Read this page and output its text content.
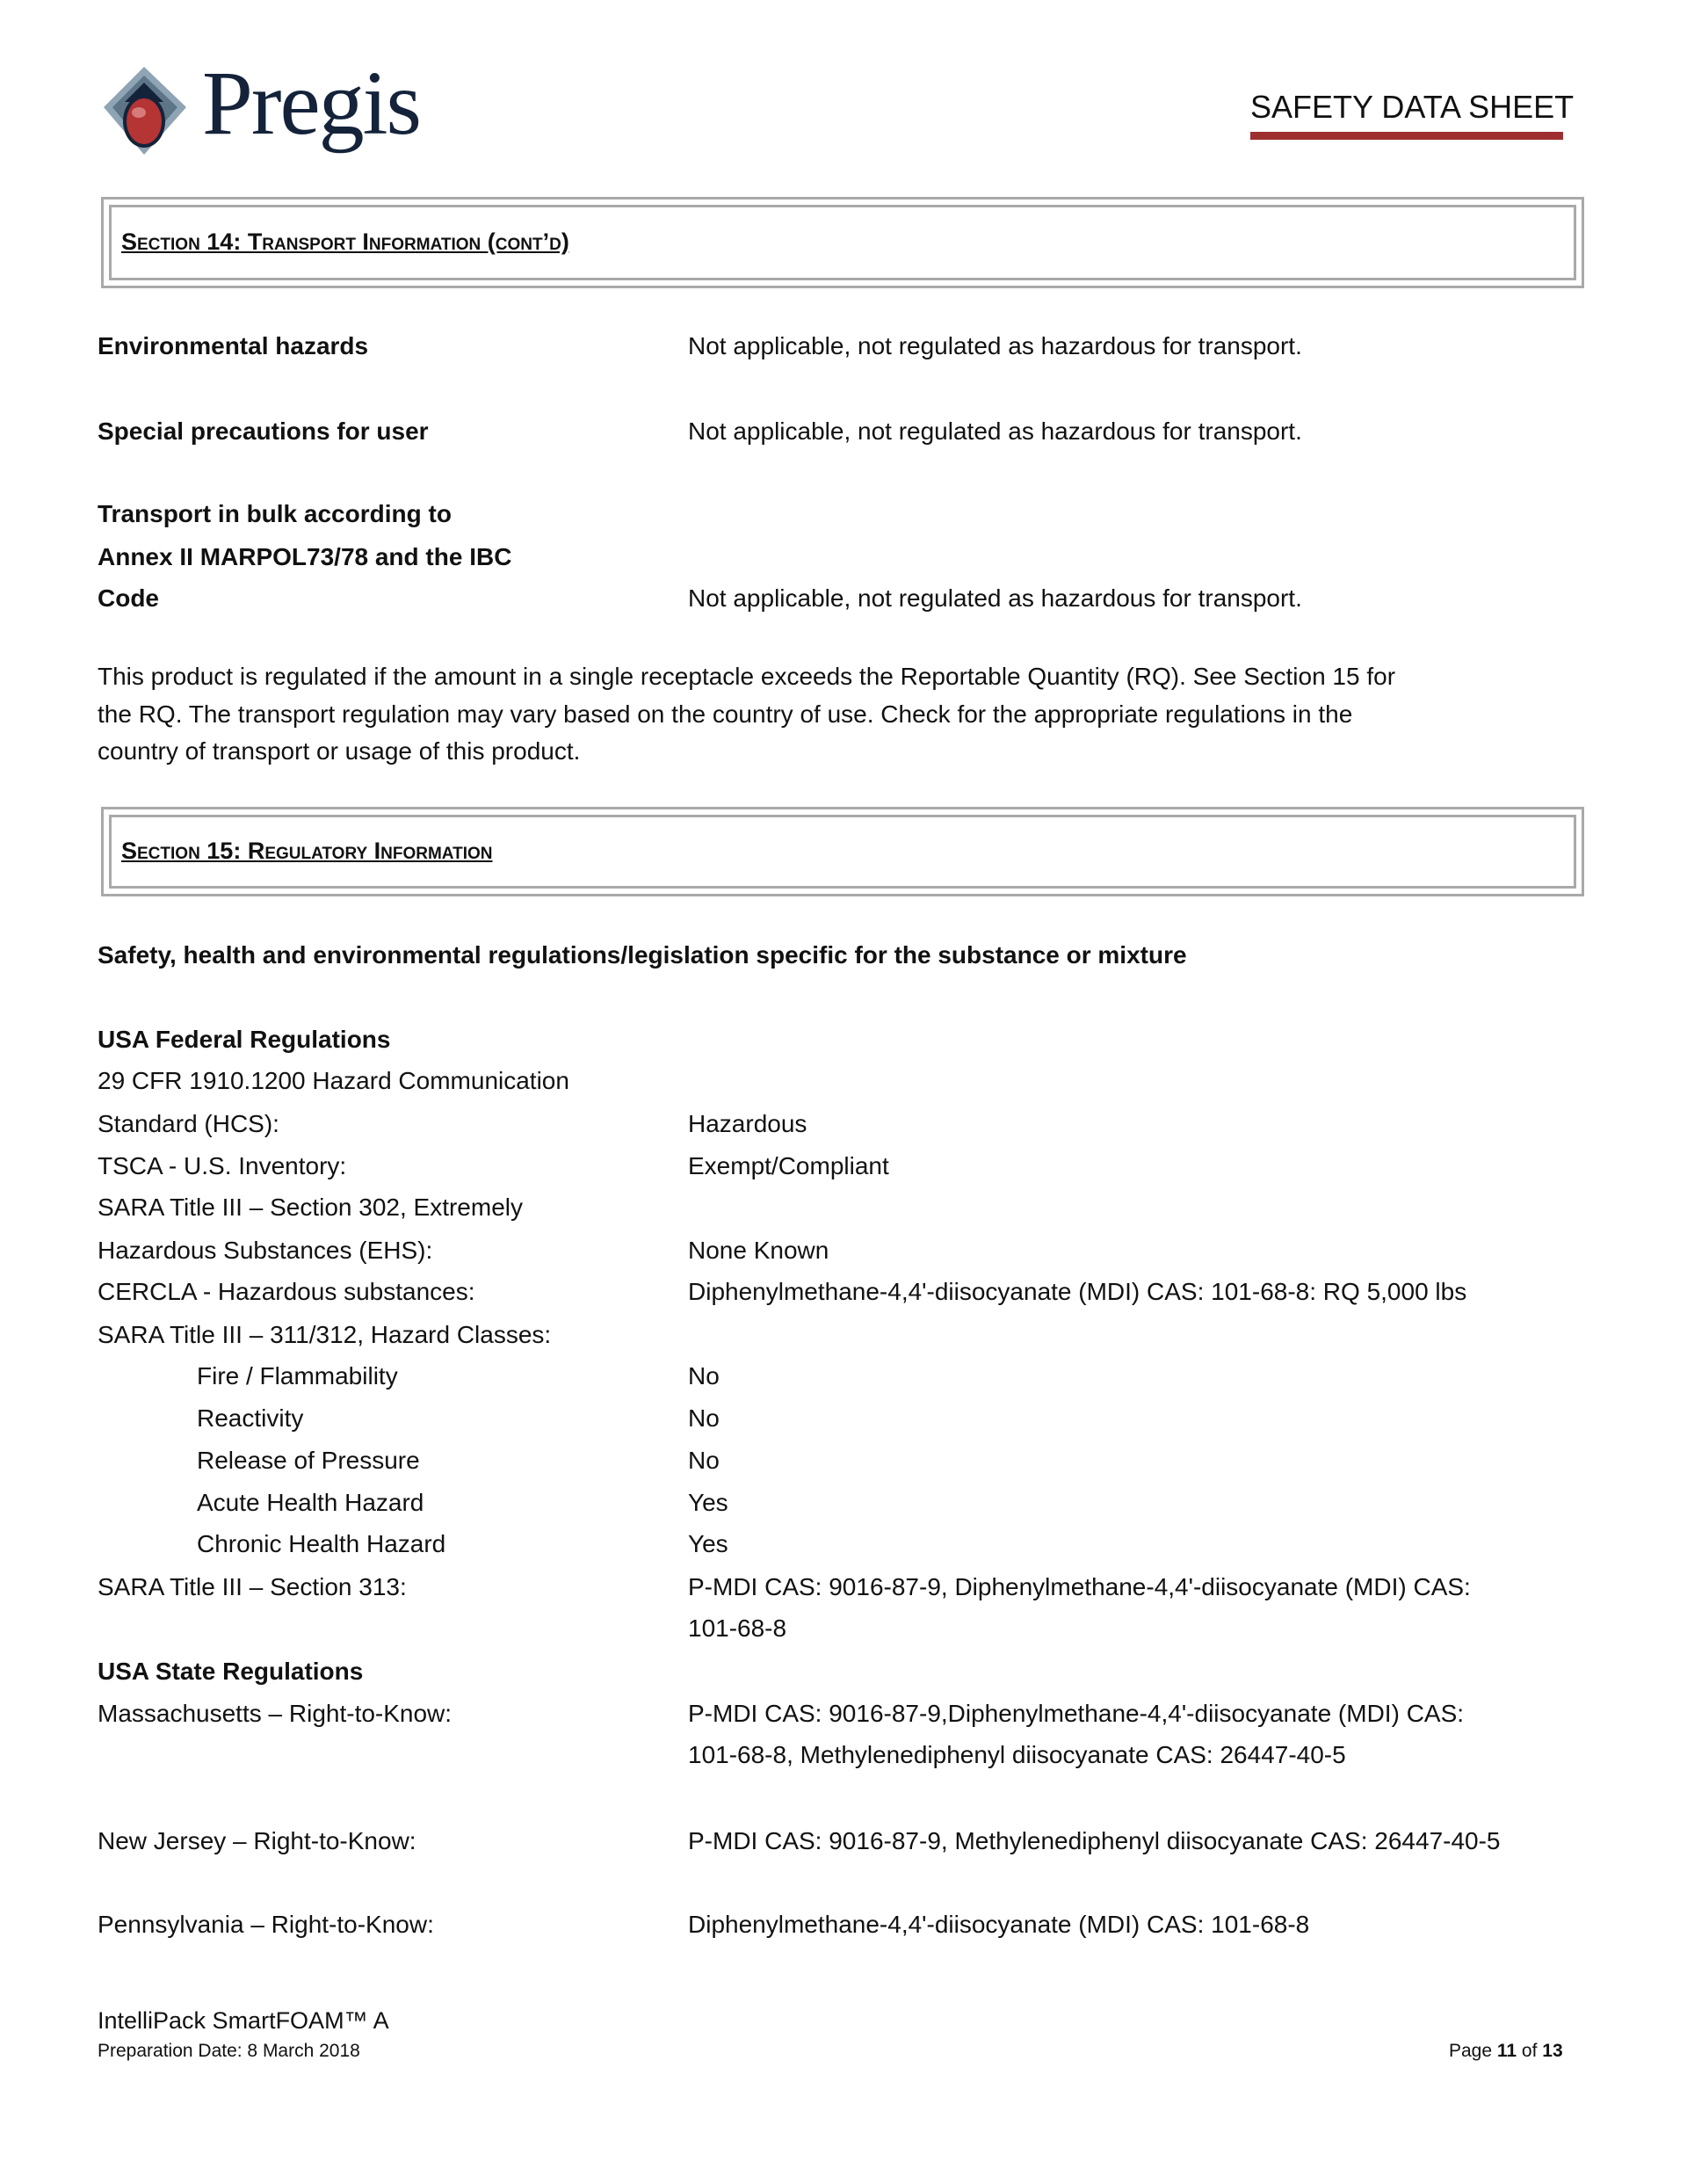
Pregis	SAFETY DATA SHEET
Section 14: Transport Information (cont’d)
Environmental hazards	Not applicable, not regulated as hazardous for transport.
Special precautions for user	Not applicable, not regulated as hazardous for transport.
Transport in bulk according to
Annex II MARPOL73/78 and the IBC
Code	Not applicable, not regulated as hazardous for transport.
This product is regulated if the amount in a single receptacle exceeds the Reportable Quantity (RQ). See Section 15 for
the RQ. The transport regulation may vary based on the country of use. Check for the appropriate regulations in the
country of transport or usage of this product.
Section 15: Regulatory Information
Safety, health and environmental regulations/legislation specific for the substance or mixture
USA Federal Regulations
29 CFR 1910.1200 Hazard Communication
Standard (HCS):	Hazardous
TSCA - U.S. Inventory:	Exempt/Compliant
SARA Title III – Section 302, Extremely
Hazardous Substances (EHS):	None Known
CERCLA - Hazardous substances:	Diphenylmethane-4,4'-diisocyanate (MDI) CAS: 101-68-8: RQ 5,000 lbs
SARA Title III – 311/312, Hazard Classes:
Fire / Flammability	No
Reactivity	No
Release of Pressure	No
Acute Health Hazard	Yes
Chronic Health Hazard	Yes
SARA Title III – Section 313:	P-MDI CAS: 9016-87-9, Diphenylmethane-4,4'-diisocyanate (MDI) CAS:
101-68-8
USA State Regulations
Massachusetts – Right-to-Know:	P-MDI CAS: 9016-87-9,Diphenylmethane-4,4'-diisocyanate (MDI) CAS:
101-68-8, Methylenediphenyl diisocyanate CAS: 26447-40-5
New Jersey – Right-to-Know:	P-MDI CAS: 9016-87-9, Methylenediphenyl diisocyanate CAS: 26447-40-5
Pennsylvania – Right-to-Know:	Diphenylmethane-4,4'-diisocyanate (MDI) CAS: 101-68-8
IntelliPack SmartFOAM™ A
Preparation Date: 8 March 2018	Page 11 of 13
